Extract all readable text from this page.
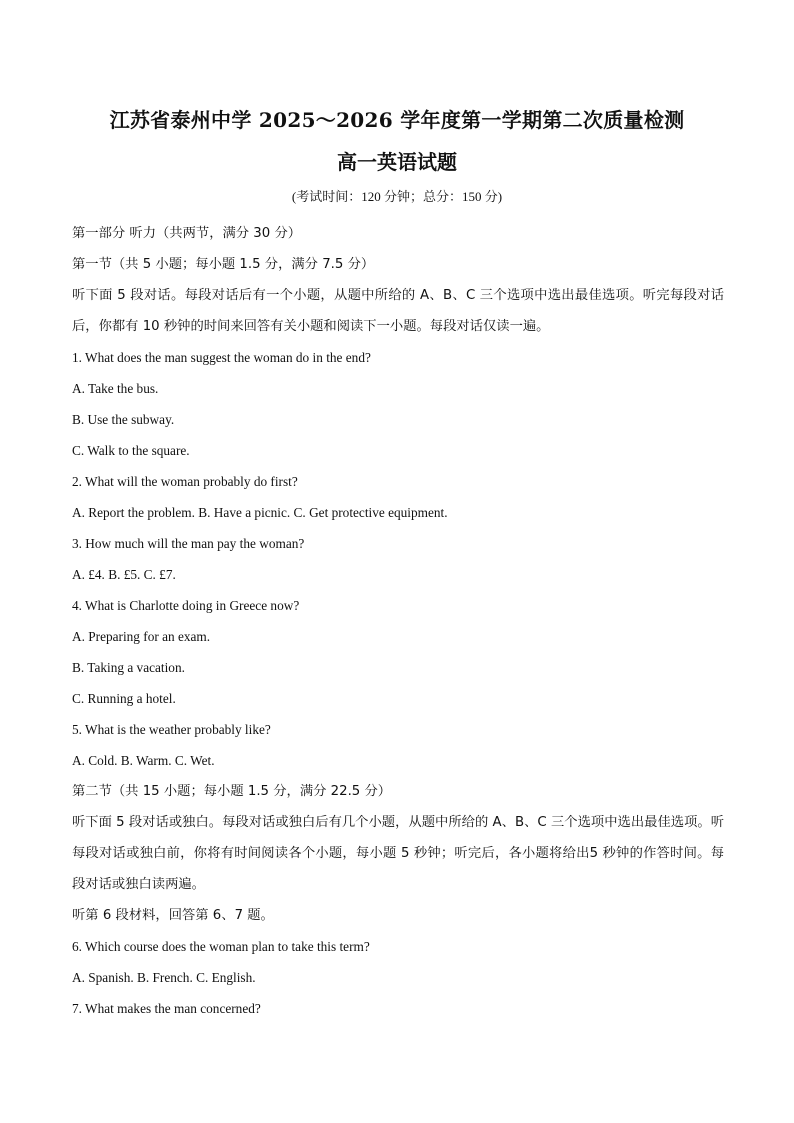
江苏省泰州中学 2025～2026 学年度第一学期第二次质量检测
高一英语试题
(考试时间：120 分钟；总分：150 分)
第一部分 听力（共两节，满分 30 分）
第一节（共 5 小题；每小题 1.5 分，满分 7.5 分）
听下面 5 段对话。每段对话后有一个小题，从题中所给的 A、B、C 三个选项中选出最佳选项。听完每段对话后，你都有 10 秒钟的时间来回答有关小题和阅读下一小题。每段对话仅读一遍。
1. What does the man suggest the woman do in the end?
A. Take the bus.
B. Use the subway.
C. Walk to the square.
2. What will the woman probably do first?
A. Report the problem. B. Have a picnic. C. Get protective equipment.
3. How much will the man pay the woman?
A. £4. B. £5. C. £7.
4. What is Charlotte doing in Greece now?
A. Preparing for an exam.
B. Taking a vacation.
C. Running a hotel.
5. What is the weather probably like?
A. Cold. B. Warm. C. Wet.
第二节（共 15 小题；每小题 1.5 分，满分 22.5 分）
听下面 5 段对话或独白。每段对话或独白后有几个小题，从题中所给的 A、B、C 三个选项中选出最佳选项。听每段对话或独白前，你将有时间阅读各个小题，每小题 5 秒钟；听完后，各小题将给出5 秒钟的作答时间。每段对话或独白读两遍。
听第 6 段材料，回答第 6、7 题。
6. Which course does the woman plan to take this term?
A. Spanish. B. French. C. English.
7. What makes the man concerned?
